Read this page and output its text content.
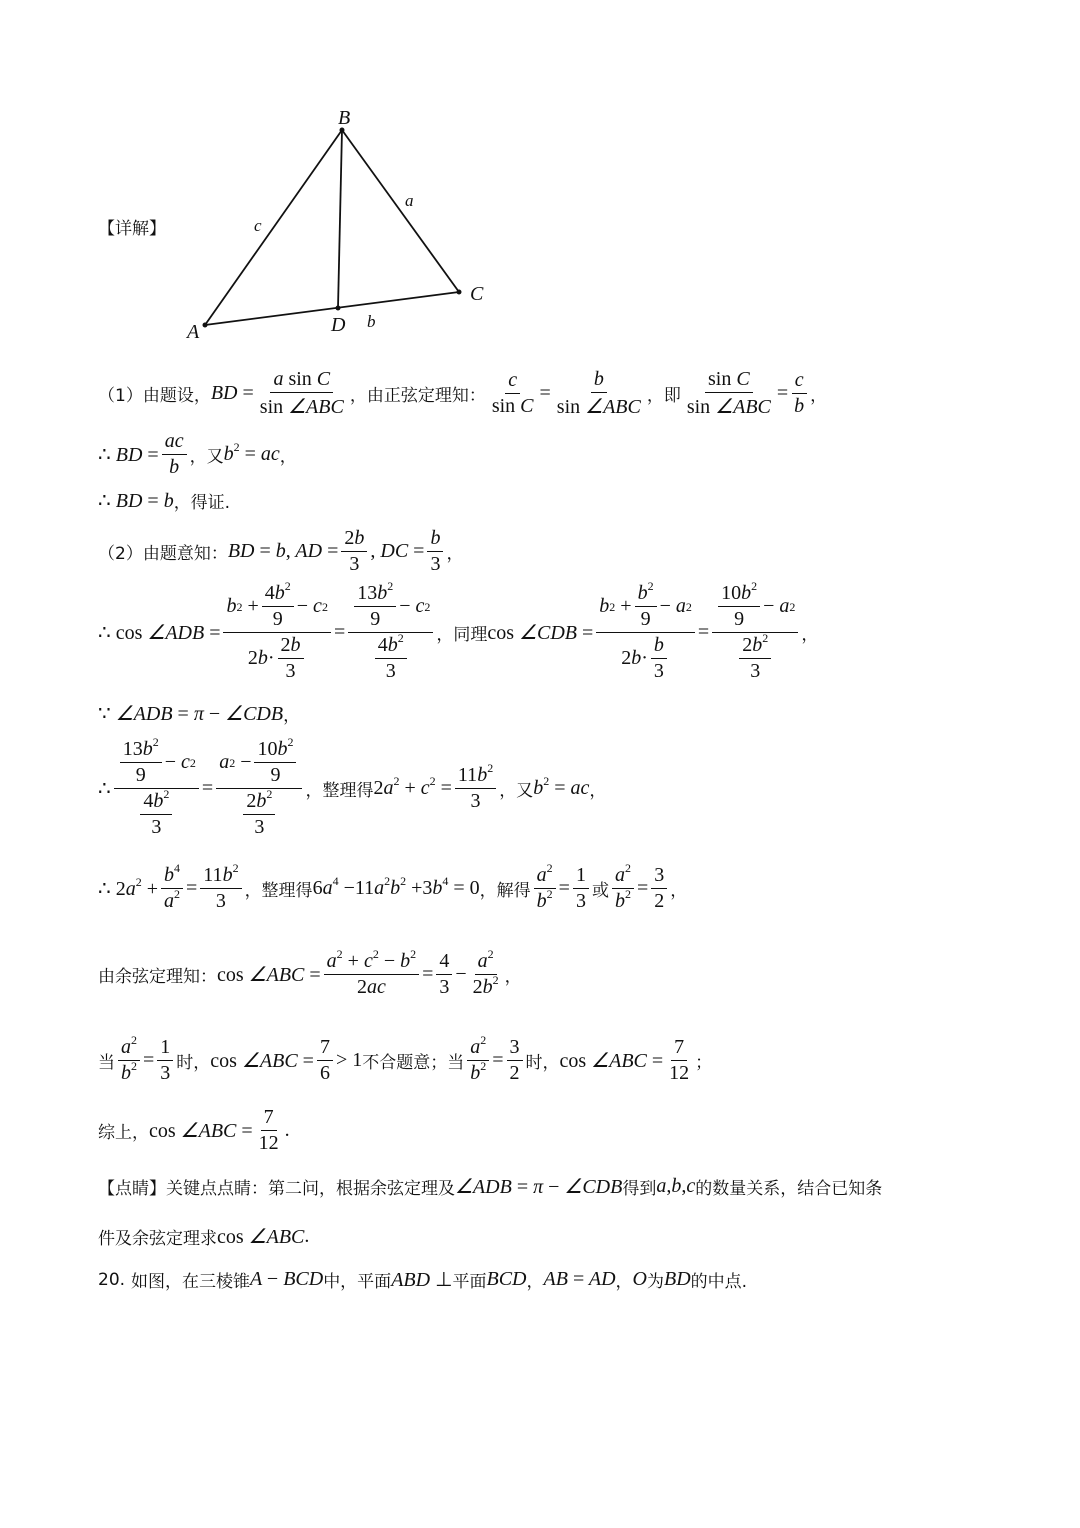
【详解】
B
A
C
D
a
c
b
（1）由题设， BD = $\frac{\text{a sin C}}{\text{sin ∠ABC}}$ ，由正弦定理知： $\frac{c}{\text{sin C}} = \frac{b}{\text{sin ∠ABC}}$ ，即 $\frac{\text{sin C}}{\text{sin ∠ABC}} = \frac{c}{b}$ ，
∴ BD = $\frac{ac}{b}$ ，又 $b^2$ = ac ，
∴ BD = b ，得证.
（2）由题意知： BD = b, AD = $\frac{2b}{3}$ , DC = $\frac{b}{3}$ ，
∴ cos ∠ADB = $\frac{b 2 + \frac{4b^2}{9} - c 2}{2 b \cdot \frac{2b}{3}} = \frac{\frac{13b^2}{9} - c 2}{\frac{4b^2}{3}}$ ，同理 cos ∠CDB = $\frac{b 2 + \frac{b^2}{9} - a 2}{2 b \cdot \frac{b}{3}} = \frac{\frac{10b^2}{9} - a 2}{\frac{2b^2}{3}}$ ，
∵ ∠ADB = π − ∠CDB ，
∴ $\frac{\frac{13b^2}{9} - c 2}{\frac{4b^2}{3}} = \frac{a 2 - \frac{10b^2}{9}}{\frac{2b^2}{3}}$ ，整理得 $2a^2 + c^2 = \frac{11b^2}{3}$ ，又 $b^2$ = ac ，
∴ $2a^2 + \frac{b^4}{a^2} = \frac{11b^2}{3}$ ，整理得 $6a^4 -11a^2b^2 +3b^4 = 0$ ，解得 $\frac{a^2}{b^2} = \frac{1}{3}$ 或 $\frac{a^2}{b^2} = \frac{3}{2}$ ，
由余弦定理知： cos ∠ABC = $\frac{a^2 + c^2 - b^2}{2ac} = \frac{4}{3} - \frac{a^2}{2b^2}$ ，
当 $\frac{a^2}{b^2} = \frac{1}{3}$ 时， cos ∠ABC = $\frac{7}{6} > 1$ 不合题意；当 $\frac{a^2}{b^2} = \frac{3}{2}$ 时， cos ∠ABC = $\frac{7}{12}$ ；
综上， cos ∠ABC = $\frac{7}{12}$ .
【点睛】 关键点点睛：第二问，根据余弦定理及 ∠ADB = π − ∠CDB 得到 a,b,c 的数量关系，结合已知条
件及余弦定理求 cos ∠ABC .
20. 如图，在三棱锥 A − BCD 中，平面 ABD ⊥ 平面 BCD ， AB = AD ， O 为 BD 的中点.
